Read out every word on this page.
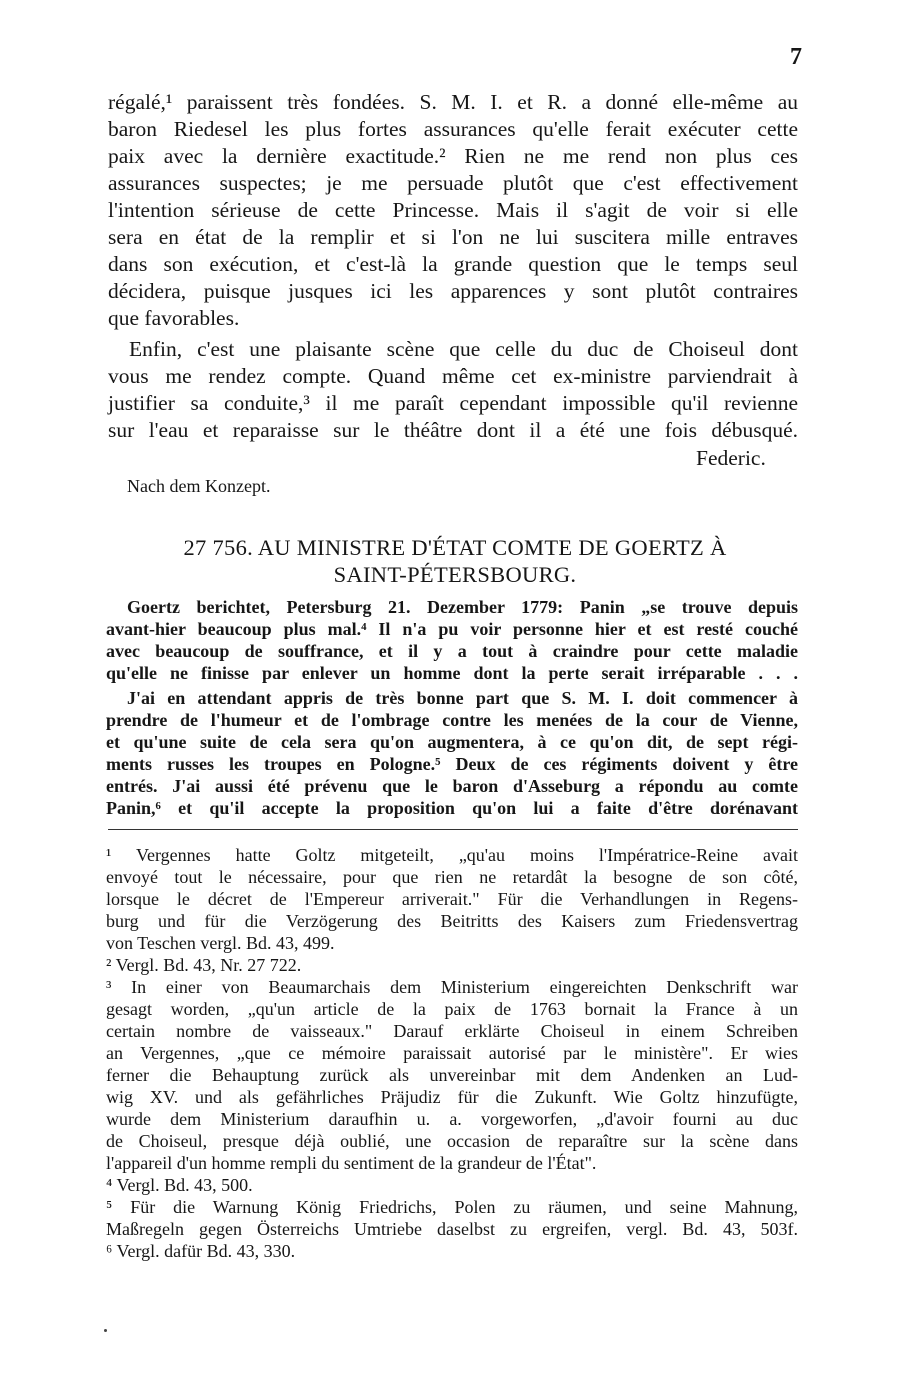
7
régalé,¹ paraissent très fondées. S. M. I. et R. a donné elle-même au
baron Riedesel les plus fortes assurances qu'elle ferait exécuter cette
paix avec la dernière exactitude.² Rien ne me rend non plus ces
assurances suspectes; je me persuade plutôt que c'est effectivement
l'intention sérieuse de cette Princesse. Mais il s'agit de voir si elle
sera en état de la remplir et si l'on ne lui suscitera mille entraves
dans son exécution, et c'est-là la grande question que le temps seul
décidera, puisque jusques ici les apparences y sont plutôt contraires
que favorables.
Enfin, c'est une plaisante scène que celle du duc de Choiseul dont
vous me rendez compte. Quand même cet ex-ministre parviendrait à
justifier sa conduite,³ il me paraît cependant impossible qu'il revienne
sur l'eau et reparaisse sur le théâtre dont il a été une fois débusqué.
Federic.
Nach dem Konzept.
27 756. AU MINISTRE D'ÉTAT COMTE DE GOERTZ À
SAINT-PÉTERSBOURG.
Goertz berichtet, Petersburg 21. Dezember 1779: Panin „se trouve depuis
avant-hier beaucoup plus mal.⁴ Il n'a pu voir personne hier et est resté couché
avec beaucoup de souffrance, et il y a tout à craindre pour cette maladie
qu'elle ne finisse par enlever un homme dont la perte serait irréparable . . .
J'ai en attendant appris de très bonne part que S. M. I. doit commencer à
prendre de l'humeur et de l'ombrage contre les menées de la cour de Vienne,
et qu'une suite de cela sera qu'on augmentera, à ce qu'on dit, de sept régi-
ments russes les troupes en Pologne.⁵ Deux de ces régiments doivent y être
entrés. J'ai aussi été prévenu que le baron d'Asseburg a répondu au comte
Panin,⁶ et qu'il accepte la proposition qu'on lui a faite d'être dorénavant
¹ Vergennes hatte Goltz mitgeteilt, „qu'au moins l'Impératrice-Reine avait
envoyé tout le nécessaire, pour que rien ne retardât la besogne de son côté,
lorsque le décret de l'Empereur arriverait." Für die Verhandlungen in Regens-
burg und für die Verzögerung des Beitritts des Kaisers zum Friedensvertrag
von Teschen vergl. Bd. 43, 499.
² Vergl. Bd. 43, Nr. 27 722.
³ In einer von Beaumarchais dem Ministerium eingereichten Denkschrift war
gesagt worden, „qu'un article de la paix de 1763 bornait la France à un
certain nombre de vaisseaux." Darauf erklärte Choiseul in einem Schreiben
an Vergennes, „que ce mémoire paraissait autorisé par le ministère". Er wies
ferner die Behauptung zurück als unvereinbar mit dem Andenken an Lud-
wig XV. und als gefährliches Präjudiz für die Zukunft. Wie Goltz hinzufügte,
wurde dem Ministerium daraufhin u. a. vorgeworfen, „d'avoir fourni au duc
de Choiseul, presque déjà oublié, une occasion de reparaître sur la scène dans
l'appareil d'un homme rempli du sentiment de la grandeur de l'État".
⁴ Vergl. Bd. 43, 500.
⁵ Für die Warnung König Friedrichs, Polen zu räumen, und seine Mahnung,
Maßregeln gegen Österreichs Umtriebe daselbst zu ergreifen, vergl. Bd. 43, 503f.
⁶ Vergl. dafür Bd. 43, 330.
